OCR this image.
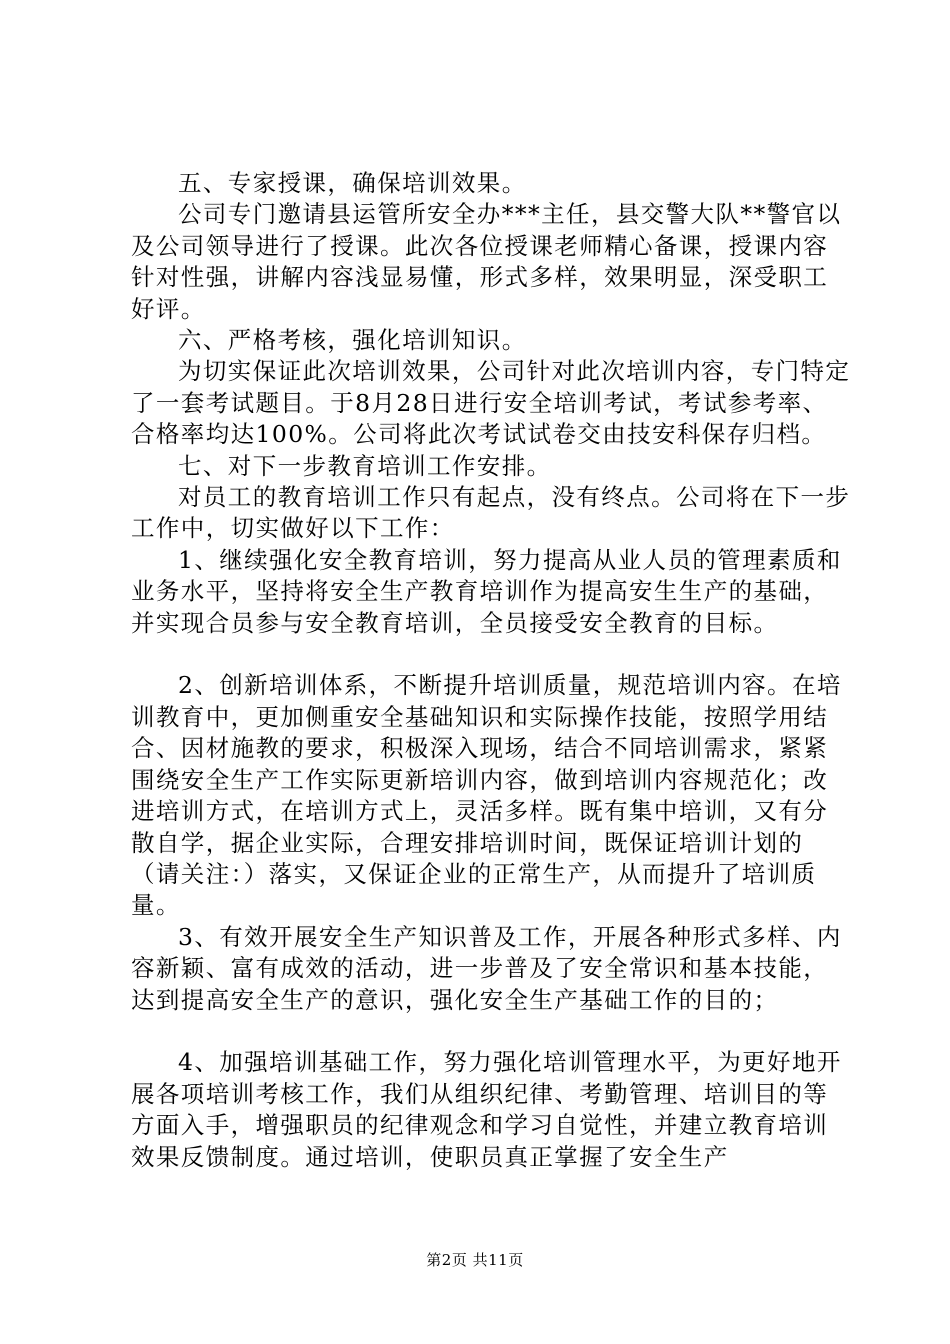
五、专家授课，确保培训效果。

公司专门邀请县运管所安全办***主任，县交警大队**警官以及公司领导进行了授课。此次各位授课老师精心备课，授课内容针对性强，讲解内容浅显易懂，形式多样，效果明显，深受职工好评。

六、严格考核，强化培训知识。

为切实保证此次培训效果，公司针对此次培训内容，专门特定了一套考试题目。于8月28日进行安全培训考试，考试参考率、合格率均达100%。公司将此次考试试卷交由技安科保存归档。

七、对下一步教育培训工作安排。

对员工的教育培训工作只有起点，没有终点。公司将在下一步工作中，切实做好以下工作：

1、继续强化安全教育培训，努力提高从业人员的管理素质和业务水平，坚持将安全生产教育培训作为提高安生生产的基础，并实现合员参与安全教育培训，全员接受安全教育的目标。

2、创新培训体系，不断提升培训质量，规范培训内容。在培训教育中，更加侧重安全基础知识和实际操作技能，按照学用结合、因材施教的要求，积极深入现场，结合不同培训需求，紧紧围绕安全生产工作实际更新培训内容，做到培训内容规范化；改进培训方式，在培训方式上，灵活多样。既有集中培训，又有分散自学，据企业实际，合理安排培训时间，既保证培训计划的（请关注：）落实，又保证企业的正常生产，从而提升了培训质量。

3、有效开展安全生产知识普及工作，开展各种形式多样、内容新颖、富有成效的活动，进一步普及了安全常识和基本技能，达到提高安全生产的意识，强化安全生产基础工作的目的；

4、加强培训基础工作，努力强化培训管理水平，为更好地开展各项培训考核工作，我们从组织纪律、考勤管理、培训目的等方面入手，增强职员的纪律观念和学习自觉性，并建立教育培训效果反馈制度。通过培训，使职员真正掌握了安全生产

第2页 共11页
